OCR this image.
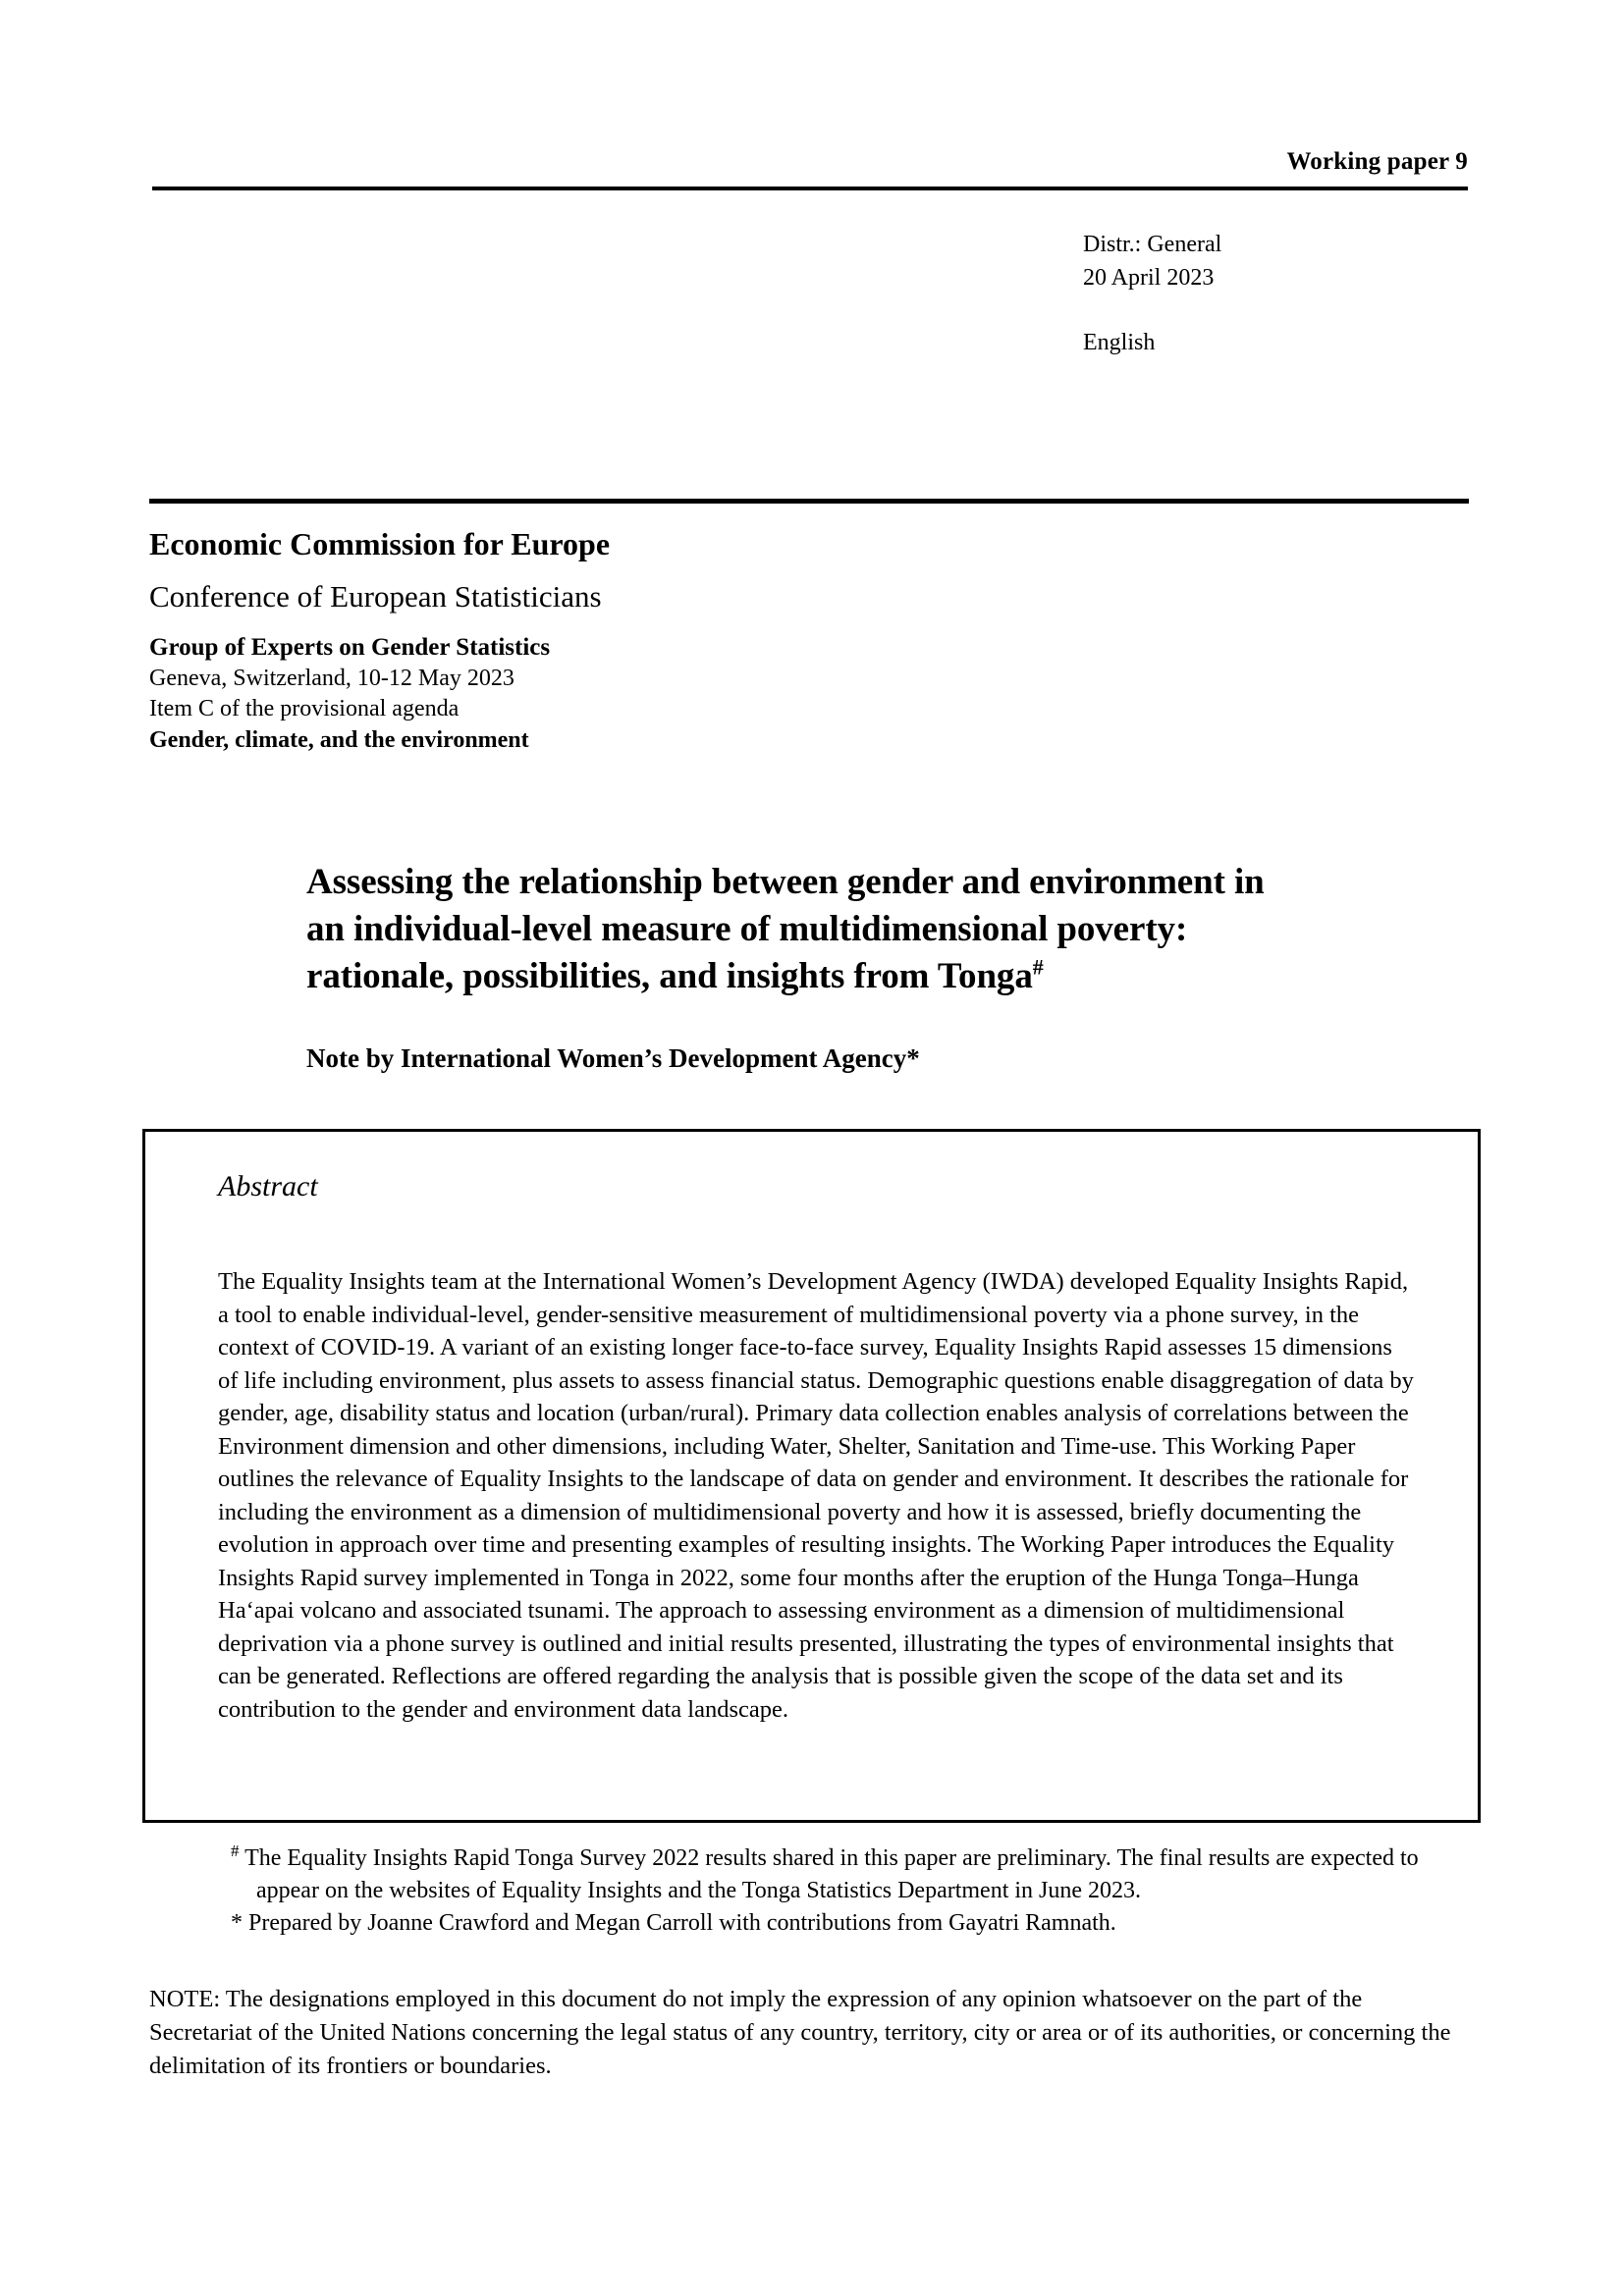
Working paper 9
Distr.: General
20 April 2023
English
Economic Commission for Europe
Conference of European Statisticians
Group of Experts on Gender Statistics
Geneva, Switzerland, 10-12 May 2023
Item C of the provisional agenda
Gender, climate, and the environment
Assessing the relationship between gender and environment in an individual-level measure of multidimensional poverty: rationale, possibilities, and insights from Tonga#
Note by International Women’s Development Agency*
Abstract
The Equality Insights team at the International Women’s Development Agency (IWDA) developed Equality Insights Rapid, a tool to enable individual-level, gender-sensitive measurement of multidimensional poverty via a phone survey, in the context of COVID-19. A variant of an existing longer face-to-face survey, Equality Insights Rapid assesses 15 dimensions of life including environment, plus assets to assess financial status. Demographic questions enable disaggregation of data by gender, age, disability status and location (urban/rural). Primary data collection enables analysis of correlations between the Environment dimension and other dimensions, including Water, Shelter, Sanitation and Time-use. This Working Paper outlines the relevance of Equality Insights to the landscape of data on gender and environment. It describes the rationale for including the environment as a dimension of multidimensional poverty and how it is assessed, briefly documenting the evolution in approach over time and presenting examples of resulting insights. The Working Paper introduces the Equality Insights Rapid survey implemented in Tonga in 2022, some four months after the eruption of the Hunga Tonga–Hunga Haʻapai volcano and associated tsunami. The approach to assessing environment as a dimension of multidimensional deprivation via a phone survey is outlined and initial results presented, illustrating the types of environmental insights that can be generated. Reflections are offered regarding the analysis that is possible given the scope of the data set and its contribution to the gender and environment data landscape.
# The Equality Insights Rapid Tonga Survey 2022 results shared in this paper are preliminary. The final results are expected to appear on the websites of Equality Insights and the Tonga Statistics Department in June 2023.
* Prepared by Joanne Crawford and Megan Carroll with contributions from Gayatri Ramnath.
NOTE: The designations employed in this document do not imply the expression of any opinion whatsoever on the part of the Secretariat of the United Nations concerning the legal status of any country, territory, city or area or of its authorities, or concerning the delimitation of its frontiers or boundaries.
